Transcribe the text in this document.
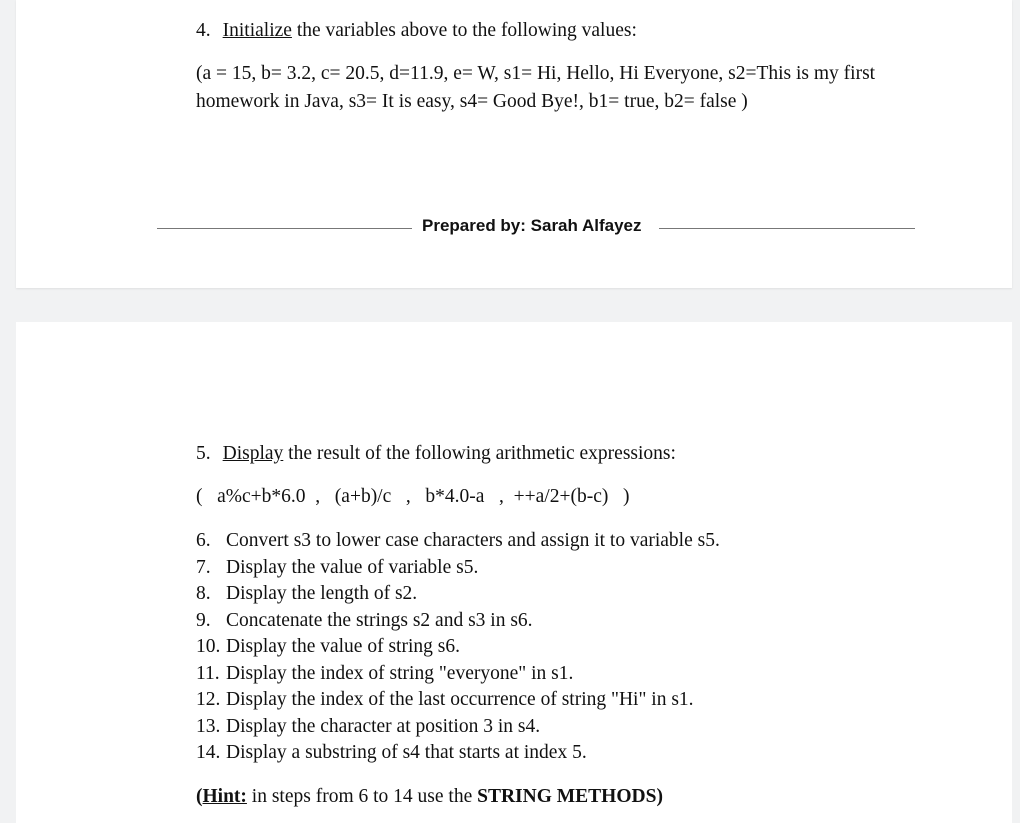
4. Initialize the variables above to the following values:
(a = 15, b= 3.2, c= 20.5, d=11.9, e= W, s1= Hi, Hello, Hi Everyone, s2=This is my first
homework in Java, s3= It is easy, s4= Good Bye!, b1= true, b2= false )
Prepared by: Sarah Alfayez
5. Display the result of the following arithmetic expressions:
(   a%c+b*6.0  ,   (a+b)/c   ,   b*4.0-a   ,  ++a/2+(b-c)   )
6. Convert s3 to lower case characters and assign it to variable s5.
7. Display the value of variable s5.
8. Display the length of s2.
9. Concatenate the strings s2 and s3 in s6.
10. Display the value of string s6.
11. Display the index of string "everyone" in s1.
12. Display the index of the last occurrence of string "Hi" in s1.
13. Display the character at position 3 in s4.
14. Display a substring of s4 that starts at index 5.
(Hint: in steps from 6 to 14 use the STRING METHODS)
